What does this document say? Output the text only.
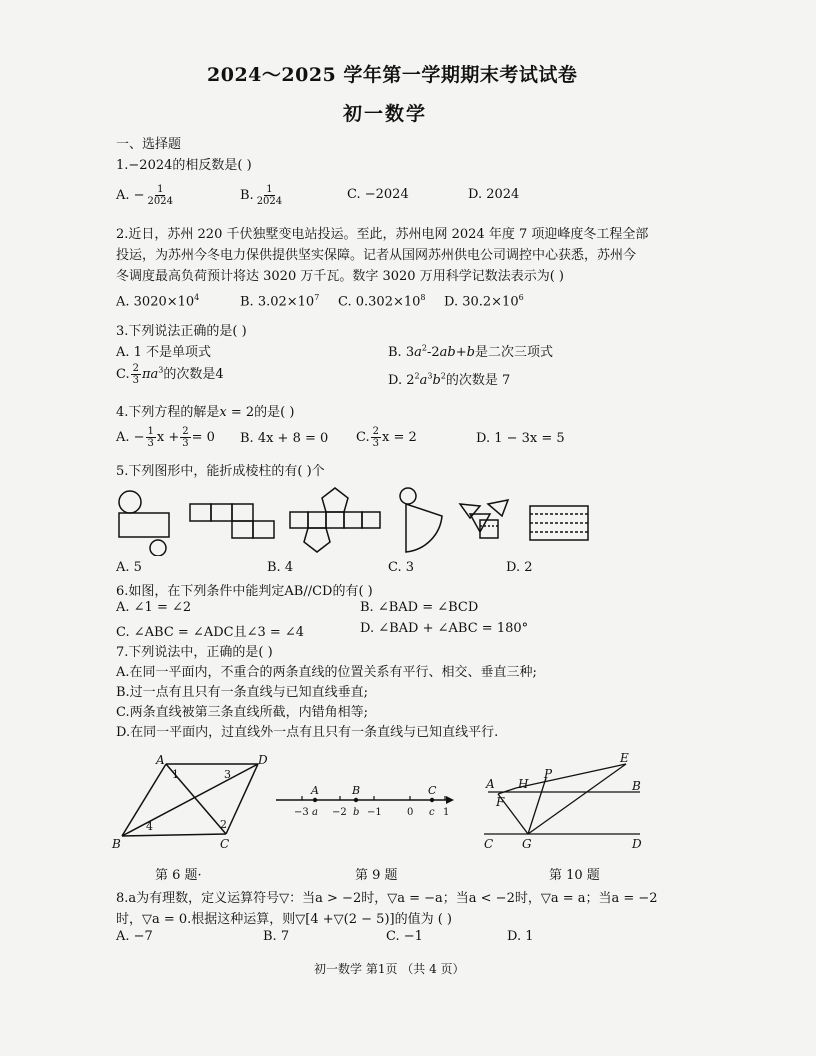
2024～2025 学年第一学期期末考试试卷
初一数学
一、选择题
1.−2024的相反数是( )
A. − $\frac{1}{2024}$	B. $\frac{1}{2024}$	C. −2024	D. 2024
2.近日，苏州 220 千伏独墅变电站投运。至此，苏州电网 2024 年度 7 项迎峰度冬工程全部
投运，为苏州今冬电力保供提供坚实保障。记者从国网苏州供电公司调控中心获悉，苏州今
冬调度最高负荷预计将达 3020 万千瓦。数字 3020 万用科学记数法表示为( )
A. $3020\times 10^4$	B. $3.02\times 10^7$ C. $0.302\times 10^8$ D. $30.2\times 10^6$
3.下列说法正确的是( )
A. 1 不是单项式	B. $3a^2-2ab+b$是二次三项式
C. $\frac{2}{3} \pi a^3$的次数是4	D. $2^2a^3b^2$的次数是 7
4.下列方程的解是x = 2的是( )
A. − $\frac{1}{3}$ $x + \frac{2}{3} = 0$ B. 4x + 8 = 0 C. $\frac{2}{3}$ x = 2	D. 1 − 3x = 5
5.下列图形中，能折成棱柱的有( )个
A. 5	B. 4	C. 3	D. 2
6.如图，在下列条件中能判定AB//CD的有( )
A. ∠1 = ∠2	B. ∠BAD = ∠BCD
C. ∠ABC = ∠ADC且∠3 = ∠4	D. ∠BAD + ∠ABC = 180°
7.下列说法中，正确的是( )
A.在同一平面内，不重合的两条直线的位置关系有平行、相交、垂直三种;
B.过一点有且只有一条直线与已知直线垂直;
C.两条直线被第三条直线所截，内错角相等;
D.在同一平面内，过直线外一点有且只有一条直线与已知直线平行.
A	D
B	C
1
2
3
4
第 6 题·
A	B	C
−3 a −2 b −1	0 c 1
第 9 题
A	B
C	D
E
F
G
H
P
第 10 题
8.a为有理数，定义运算符号▽：当a > −2时，▽a = −a；当a < −2时，▽a = a；当a = −2
时，▽a = 0.根据这种运算，则▽[4 +▽(2 − 5)]的值为 ( )
A. −7	B. 7	C. −1	D. 1
初一数学 第1页 （共 4 页）
